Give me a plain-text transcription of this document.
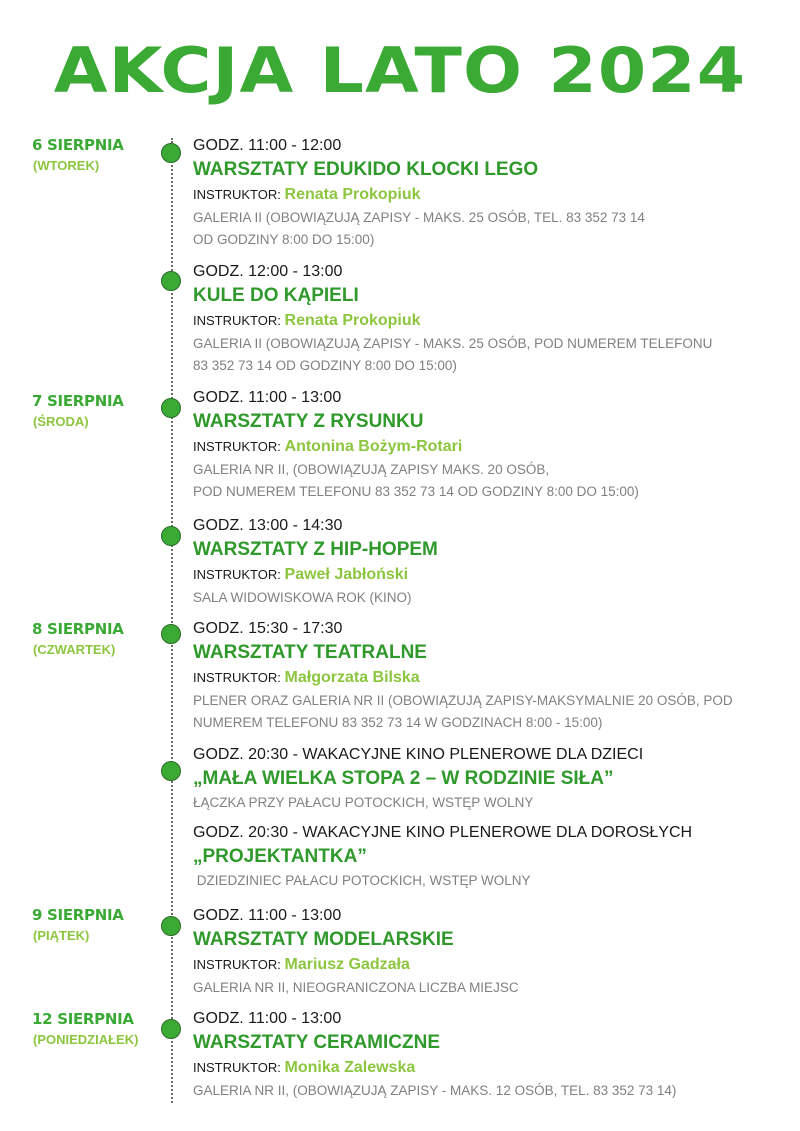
AKCJA LATO 2024
6 SIERPNIA
(WTOREK)
7 SIERPNIA
(ŚRODA)
8 SIERPNIA
(CZWARTEK)
9 SIERPNIA
(PIĄTEK)
12 SIERPNIA
(PONIEDZIAŁEK)
GODZ. 11:00 - 12:00
WARSZTATY EDUKIDO KLOCKI LEGO
INSTRUKTOR: Renata Prokopiuk
GALERIA II (OBOWIĄZUJĄ ZAPISY - MAKS. 25 OSÓB, TEL. 83 352 73 14
OD GODZINY 8:00 DO 15:00)
GODZ. 12:00 - 13:00
KULE DO KĄPIELI
INSTRUKTOR: Renata Prokopiuk
GALERIA II (OBOWIĄZUJĄ ZAPISY - MAKS. 25 OSÓB, POD NUMEREM TELEFONU
83 352 73 14 OD GODZINY 8:00 DO 15:00)
GODZ. 11:00 - 13:00
WARSZTATY Z RYSUNKU
INSTRUKTOR: Antonina Bożym-Rotari
GALERIA NR II, (OBOWIĄZUJĄ ZAPISY MAKS. 20 OSÓB,
POD NUMEREM TELEFONU 83 352 73 14 OD GODZINY 8:00 DO 15:00)
GODZ. 13:00 - 14:30
WARSZTATY Z HIP-HOPEM
INSTRUKTOR: Paweł Jabłoński
SALA WIDOWISKOWA ROK (KINO)
GODZ. 15:30 - 17:30
WARSZTATY TEATRALNE
INSTRUKTOR: Małgorzata Bilska
PLENER ORAZ GALERIA NR II (OBOWIĄZUJĄ ZAPISY-MAKSYMALNIE 20 OSÓB, POD
NUMEREM TELEFONU 83 352 73 14 W GODZINACH 8:00 - 15:00)
GODZ. 20:30 - WAKACYJNE KINO PLENEROWE DLA DZIECI
„MAŁA WIELKA STOPA 2 – W RODZINIE SIŁA”
ŁĄCZKA PRZY PAŁACU POTOCKICH, WSTĘP WOLNY
GODZ. 20:30 - WAKACYJNE KINO PLENEROWE DLA DOROSŁYCH
„PROJEKTANTKA”
DZIEDZINIEC PAŁACU POTOCKICH, WSTĘP WOLNY
GODZ. 11:00 - 13:00
WARSZTATY MODELARSKIE
INSTRUKTOR: Mariusz Gadzała
GALERIA NR II, NIEOGRANICZONA LICZBA MIEJSC
GODZ. 11:00 - 13:00
WARSZTATY CERAMICZNE
INSTRUKTOR: Monika Zalewska
GALERIA NR II, (OBOWIĄZUJĄ ZAPISY - MAKS. 12 OSÓB, TEL. 83 352 73 14)
